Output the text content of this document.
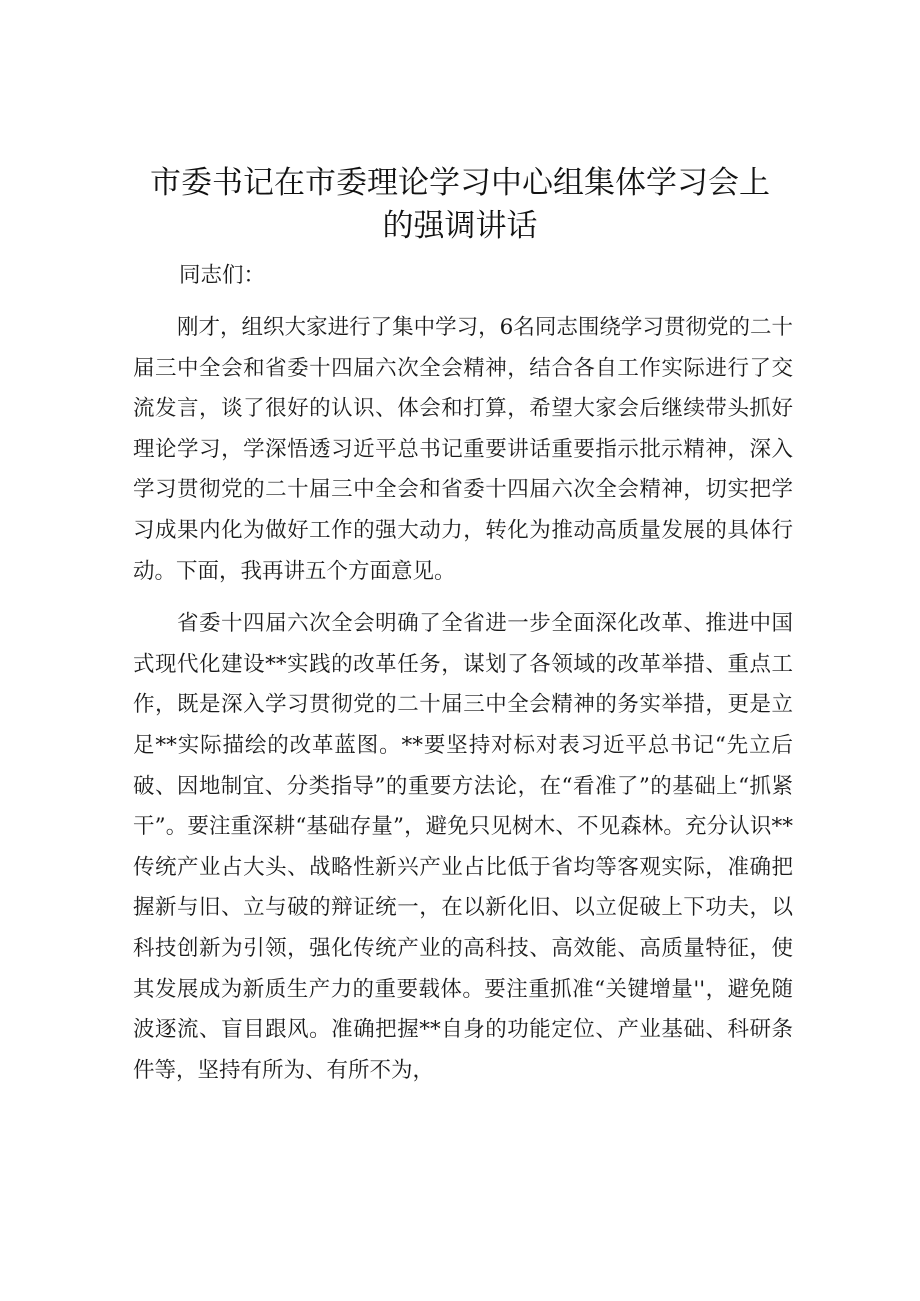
市委书记在市委理论学习中心组集体学习会上
的强调讲话

同志们：

刚才，组织大家进行了集中学习，6名同志围绕学习贯彻党的二十届三中全会和省委十四届六次全会精神，结合各自工作实际进行了交流发言，谈了很好的认识、体会和打算，希望大家会后继续带头抓好理论学习，学深悟透习近平总书记重要讲话重要指示批示精神，深入学习贯彻党的二十届三中全会和省委十四届六次全会精神，切实把学习成果内化为做好工作的强大动力，转化为推动高质量发展的具体行动。下面，我再讲五个方面意见。

省委十四届六次全会明确了全省进一步全面深化改革、推进中国式现代化建设**实践的改革任务，谋划了各领域的改革举措、重点工作，既是深入学习贯彻党的二十届三中全会精神的务实举措，更是立足**实际描绘的改革蓝图。**要坚持对标对表习近平总书记“先立后破、因地制宜、分类指导”的重要方法论，在“看准了”的基础上“抓紧干”。要注重深耕“基础存量”，避免只见树木、不见森林。充分认识**传统产业占大头、战略性新兴产业占比低于省均等客观实际，准确把握新与旧、立与破的辩证统一，在以新化旧、以立促破上下功夫，以科技创新为引领，强化传统产业的高科技、高效能、高质量特征，使其发展成为新质生产力的重要载体。要注重抓准“关键增量''，避免随波逐流、盲目跟风。准确把握**自身的功能定位、产业基础、科研条件等，坚持有所为、有所不为，
